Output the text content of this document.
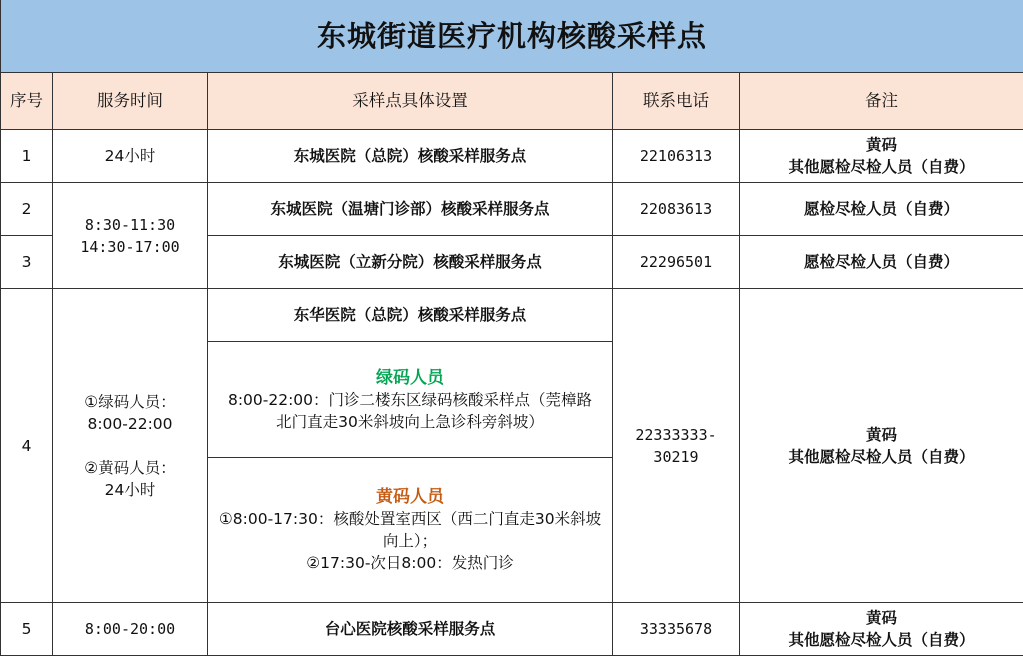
东城街道医疗机构核酸采样点				
序号	服务时间	采样点具体设置	联系电话	备注
1	24小时	东城医院（总院）核酸采样服务点	22106313	黄码
其他愿检尽检人员（自费）

2	8:30-11:30
14:30-17:00	东城医院（温塘门诊部）核酸采样服务点	22083613	愿检尽检人员（自费）
3		东城医院（立新分院）核酸采样服务点	22296501	愿检尽检人员（自费）
4	①绿码人员：
8:00-22:00
②黄码人员：
24小时	东华医院（总院）核酸采样服务点	22333333-
30219	黄码
其他愿检尽检人员（自费）

		绿码人员
8:00-22:00：门诊二楼东区绿码核酸采样点（莞樟路北门直走30米斜坡向上急诊科旁斜坡）		

		黄码人员
①8:00-17:30：核酸处置室西区（西二门直走30米斜坡向上）；
②17:30-次日8:00：发热门诊		

5	8:00-20:00	台心医院核酸采样服务点	33335678	黄码
其他愿检尽检人员（自费）
